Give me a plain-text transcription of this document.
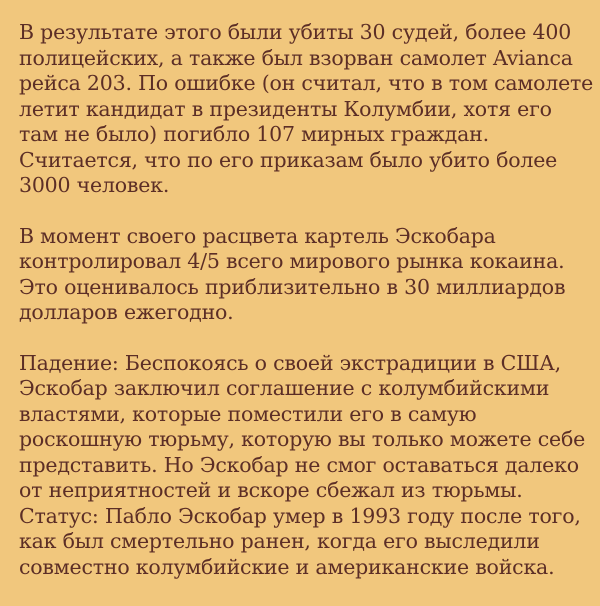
В результате этого были убиты 30 судей, более 400
полицейских, а также был взорван самолет Avianca
рейса 203. По ошибке (он считал, что в том самолете
летит кандидат в президенты Колумбии, хотя его
там не было) погибло 107 мирных граждан.
Считается, что по его приказам было убито более
3000 человек.

В момент своего расцвета картель Эскобара
контролировал 4/5 всего мирового рынка кокаина.
Это оценивалось приблизительно в 30 миллиардов
долларов ежегодно.

Падение: Беспокоясь о своей экстрадиции в США,
Эскобар заключил соглашение с колумбийскими
властями, которые поместили его в самую
роскошную тюрьму, которую вы только можете себе
представить. Но Эскобар не смог оставаться далеко
от неприятностей и вскоре сбежал из тюрьмы.
Статус: Пабло Эскобар умер в 1993 году после того,
как был смертельно ранен, когда его выследили
совместно колумбийские и американские войска.
